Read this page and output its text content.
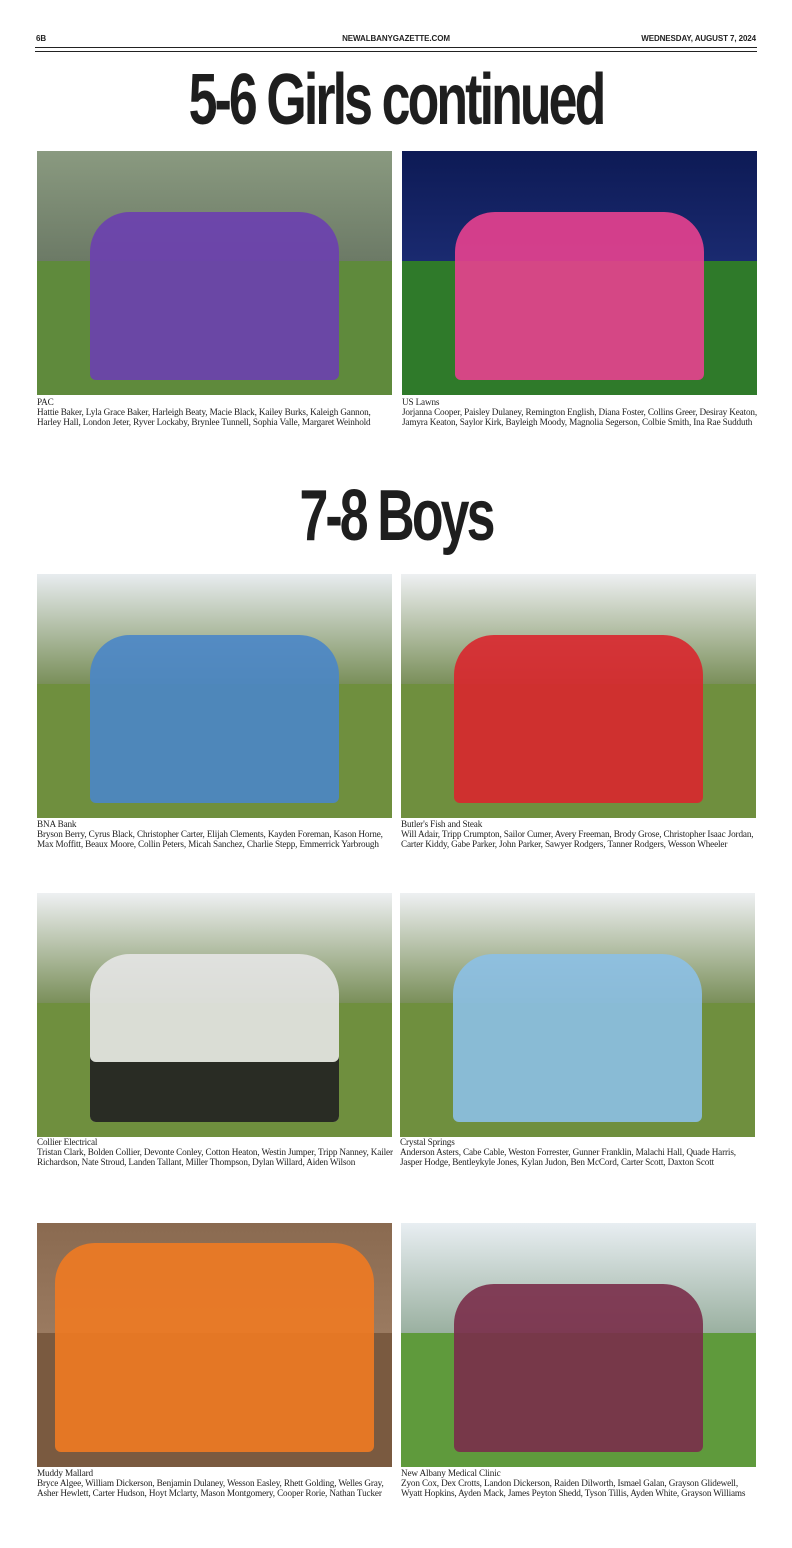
6B	NEWALBANYGAZETTE.COM	WEDNESDAY, AUGUST 7, 2024
5-6 Girls continued
7-8 Boys
PAC
Hattie Baker, Lyla Grace Baker, Harleigh Beaty, Macie Black, Kailey Burks, Kaleigh Gannon, Harley Hall, London Jeter, Ryver Lockaby, Brynlee Tunnell, Sophia Valle, Margaret Weinhold
US Lawns
Jorjanna Cooper, Paisley Dulaney, Remington English, Diana Foster, Collins Greer, Desiray Keaton, Jamyra Keaton, Saylor Kirk, Bayleigh Moody, Magnolia Segerson, Colbie Smith, Ina Rae Sudduth
BNA Bank
Bryson Berry, Cyrus Black, Christopher Carter, Elijah Clements, Kayden Foreman, Kason Horne, Max Moffitt, Beaux Moore, Collin Peters, Micah Sanchez, Charlie Stepp, Emmerrick Yarbrough
Butler's Fish and Steak
Will Adair, Tripp Crumpton, Sailor Cumer, Avery Freeman, Brody Grose, Christopher Isaac Jordan, Carter Kiddy, Gabe Parker, John Parker, Sawyer Rodgers, Tanner Rodgers, Wesson Wheeler
Collier Electrical
Tristan Clark, Bolden Collier, Devonte Conley, Cotton Heaton, Westin Jumper, Tripp Nanney, Kailer Richardson, Nate Stroud, Landen Tallant, Miller Thompson, Dylan Willard, Aiden Wilson
Crystal Springs
Anderson Asters, Cabe Cable, Weston Forrester, Gunner Franklin, Malachi Hall, Quade Harris, Jasper Hodge, Bentleykyle Jones, Kylan Judon, Ben McCord, Carter Scott, Daxton Scott
Muddy Mallard
Bryce Algee, William Dickerson, Benjamin Dulaney, Wesson Easley, Rhett Golding, Welles Gray, Asher Hewlett, Carter Hudson, Hoyt Mclarty, Mason Montgomery, Cooper Rorie, Nathan Tucker
New Albany Medical Clinic
Zyon Cox, Dex Crotts, Landon Dickerson, Raiden Dilworth, Ismael Galan, Grayson Glidewell, Wyatt Hopkins, Ayden Mack, James Peyton Shedd, Tyson Tillis, Ayden White, Grayson Williams
